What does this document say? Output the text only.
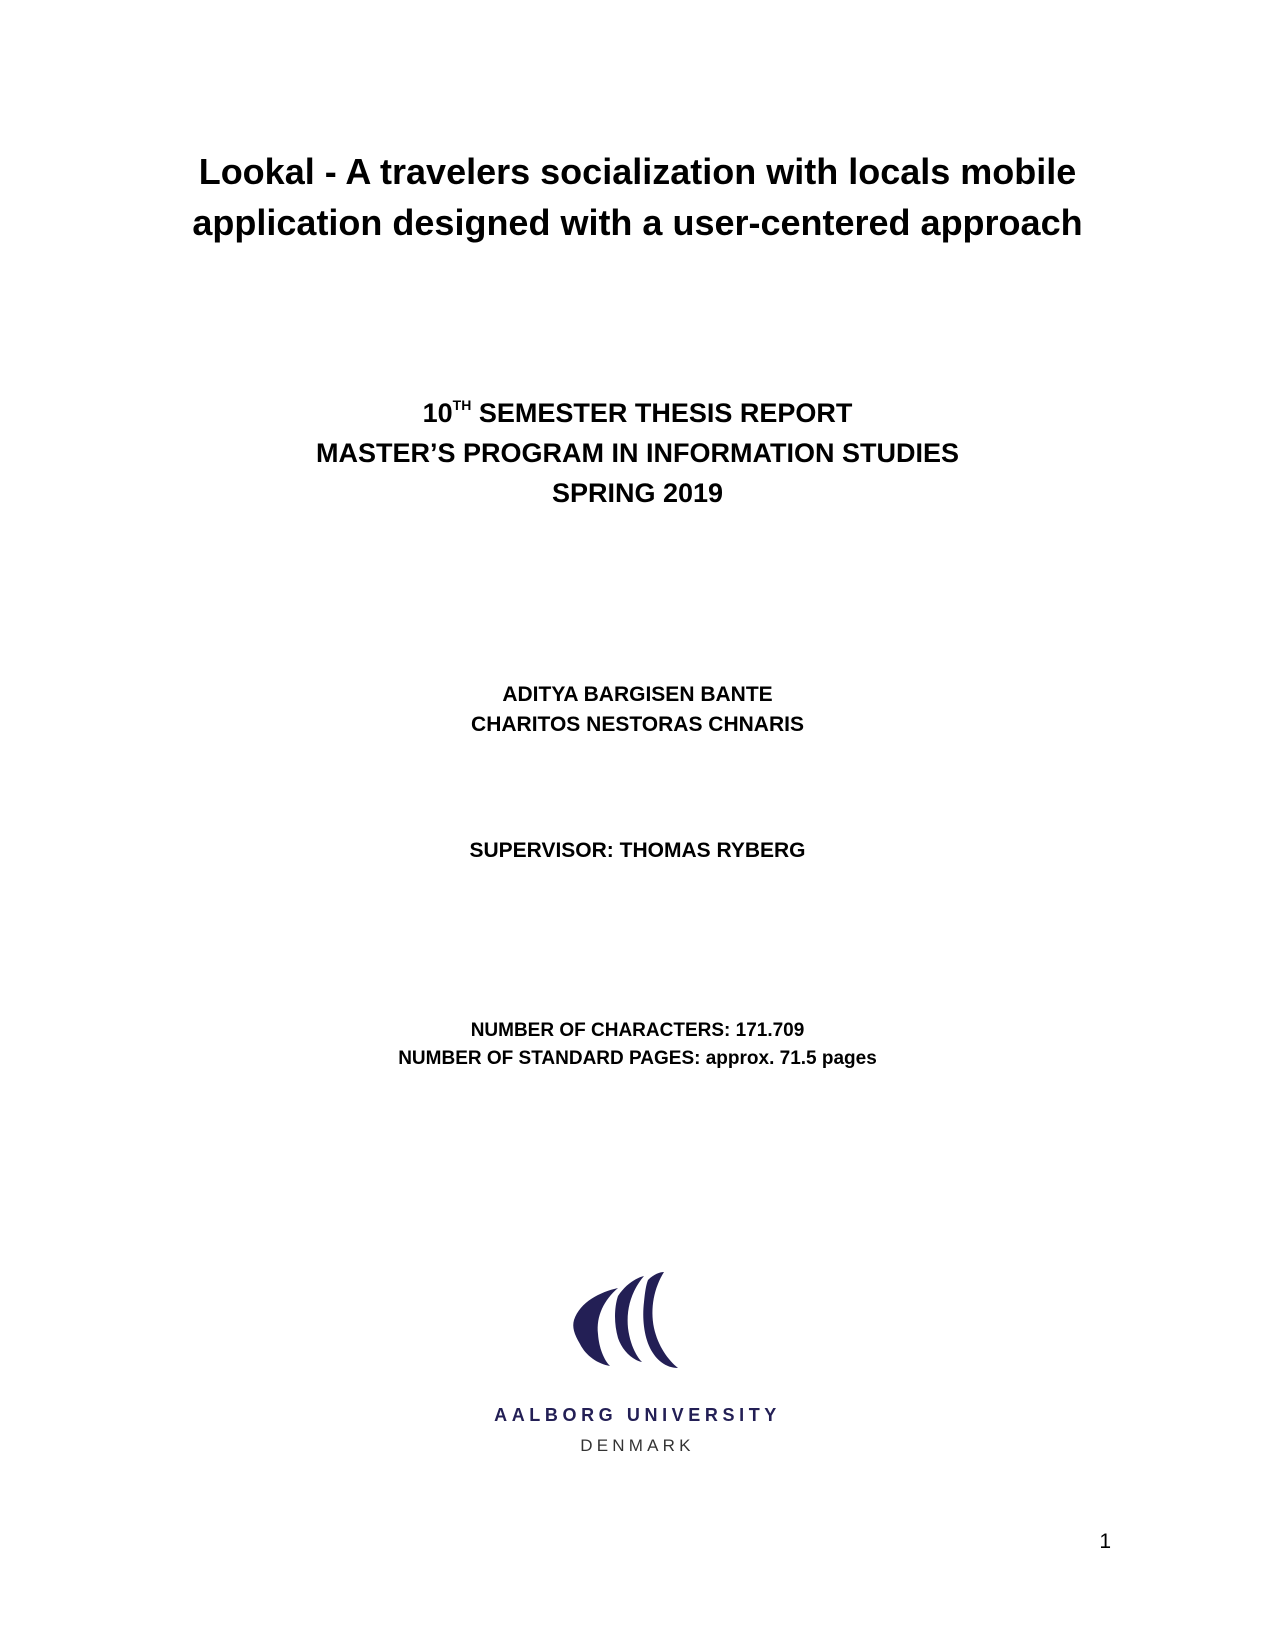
Lookal - A travelers socialization with locals mobile
application designed with a user-centered approach
10TH SEMESTER THESIS REPORT
MASTER’S PROGRAM IN INFORMATION STUDIES
SPRING 2019
ADITYA BARGISEN BANTE
CHARITOS NESTORAS CHNARIS
SUPERVISOR: THOMAS RYBERG
NUMBER OF CHARACTERS: 171.709
NUMBER OF STANDARD PAGES: approx. 71.5 pages
AALBORG UNIVERSITY
DENMARK
1
